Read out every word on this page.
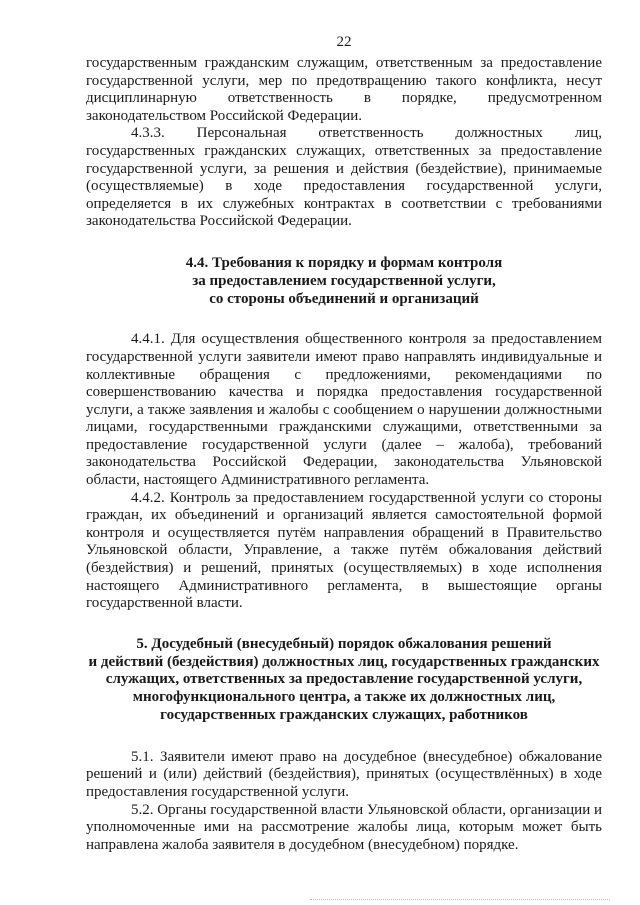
22

государственным гражданским служащим, ответственным за предоставление государственной услуги, мер по предотвращению такого конфликта, несут дисциплинарную ответственность в порядке, предусмотренном законодательством Российской Федерации.

4.3.3. Персональная ответственность должностных лиц, государственных гражданских служащих, ответственных за предоставление государственной услуги, за решения и действия (бездействие), принимаемые (осуществляемые) в ходе предоставления государственной услуги, определяется в их служебных контрактах в соответствии с требованиями законодательства Российской Федерации.

4.4. Требования к порядку и формам контроля
за предоставлением государственной услуги,
со стороны объединений и организаций

4.4.1. Для осуществления общественного контроля за предоставлением государственной услуги заявители имеют право направлять индивидуальные и коллективные обращения с предложениями, рекомендациями по совершенствованию качества и порядка предоставления государственной услуги, а также заявления и жалобы с сообщением о нарушении должностными лицами, государственными гражданскими служащими, ответственными за предоставление государственной услуги (далее – жалоба), требований законодательства Российской Федерации, законодательства Ульяновской области, настоящего Административного регламента.

4.4.2. Контроль за предоставлением государственной услуги со стороны граждан, их объединений и организаций является самостоятельной формой контроля и осуществляется путём направления обращений в Правительство Ульяновской области, Управление, а также путём обжалования действий (бездействия) и решений, принятых (осуществляемых) в ходе исполнения настоящего Административного регламента, в вышестоящие органы государственной власти.

5. Досудебный (внесудебный) порядок обжалования решений
и действий (бездействия) должностных лиц, государственных гражданских
служащих, ответственных за предоставление государственной услуги,
многофункционального центра, а также их должностных лиц,
государственных гражданских служащих, работников

5.1. Заявители имеют право на досудебное (внесудебное) обжалование решений и (или) действий (бездействия), принятых (осуществлённых) в ходе предоставления государственной услуги.

5.2. Органы государственной власти Ульяновской области, организации и уполномоченные ими на рассмотрение жалобы лица, которым может быть направлена жалоба заявителя в досудебном (внесудебном) порядке.
